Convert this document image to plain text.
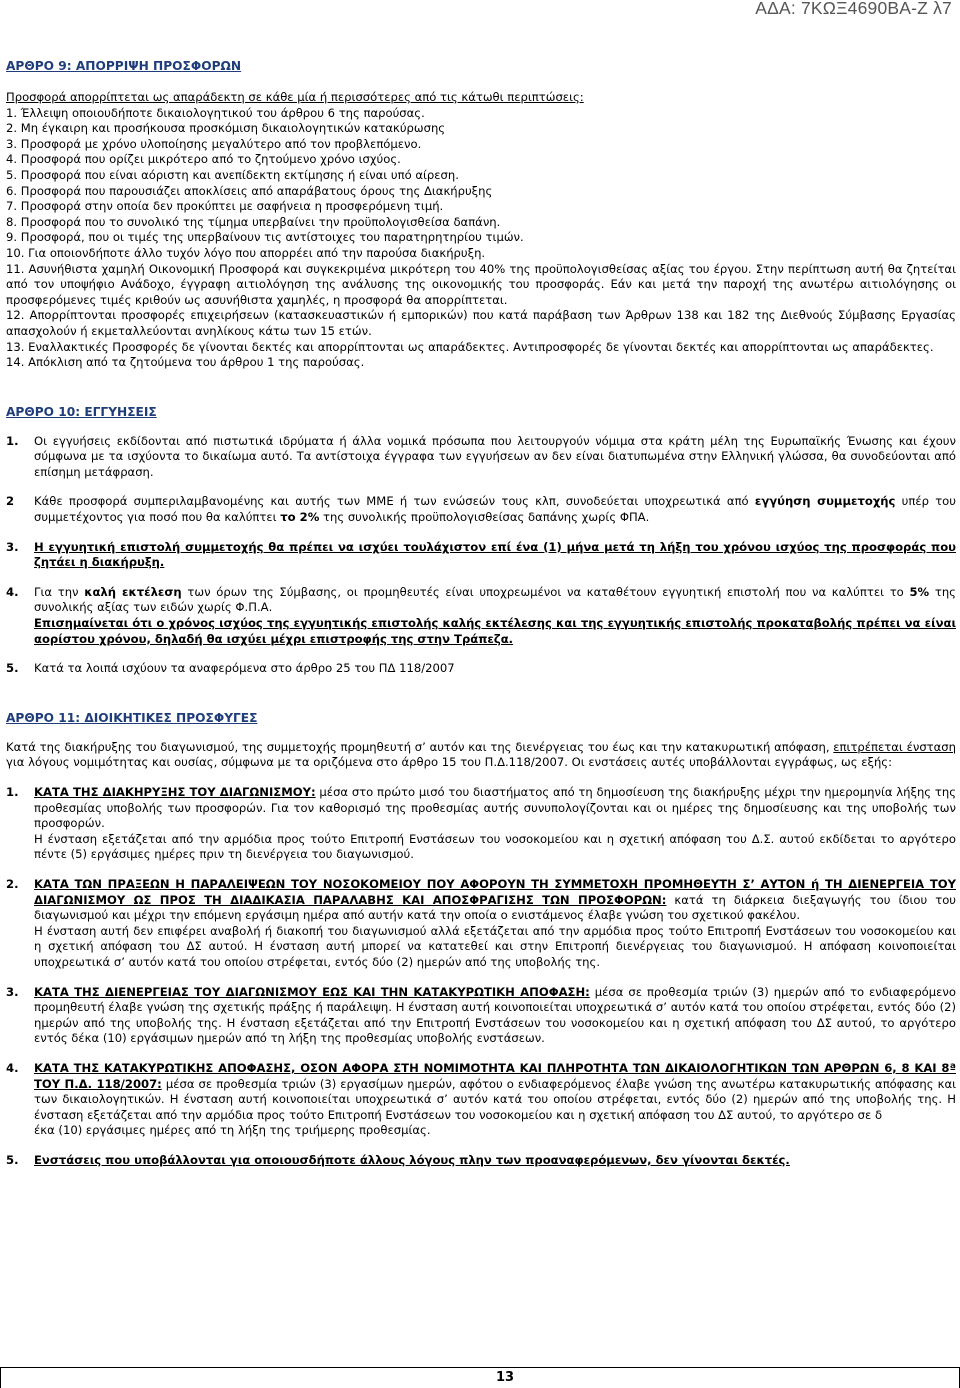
ΑΔΑ: 7ΚΩΞ4690ΒΑ-Ζ λ7
ΑΡΘΡΟ 9: ΑΠΟΡΡΙΨΗ ΠΡΟΣΦΟΡΩΝ

Προσφορά απορρίπτεται ως απαράδεκτη σε κάθε μία ή περισσότερες από τις κάτωθι περιπτώσεις:

1. Έλλειψη οποιουδήποτε δικαιολογητικού του άρθρου 6 της παρούσας.

2. Μη έγκαιρη και προσήκουσα προσκόμιση δικαιολογητικών κατακύρωσης

3. Προσφορά με χρόνο υλοποίησης μεγαλύτερο από τον προβλεπόμενο.

4. Προσφορά που ορίζει μικρότερο από το ζητούμενο χρόνο ισχύος.

5. Προσφορά που είναι αόριστη και ανεπίδεκτη εκτίμησης ή είναι υπό αίρεση.

6. Προσφορά που παρουσιάζει αποκλίσεις από απαράβατους όρους της Διακήρυξης

7. Προσφορά στην οποία δεν προκύπτει με σαφήνεια η προσφερόμενη τιμή.

8. Προσφορά που το συνολικό της τίμημα υπερβαίνει την προϋπολογισθείσα δαπάνη.

9. Προσφορά, που οι τιμές της υπερβαίνουν τις αντίστοιχες του παρατηρητηρίου τιμών.

10. Για οποιονδήποτε άλλο τυχόν λόγο που απορρέει από την παρούσα διακήρυξη.

11. Ασυνήθιστα χαμηλή Οικονομική Προσφορά και συγκεκριμένα μικρότερη του 40% της προϋπολογισθείσας αξίας του έργου. Στην περίπτωση αυτή θα ζητείται από τον υποψήφιο Ανάδοχο, έγγραφη αιτιολόγηση της ανάλυσης της οικονομικής του προσφοράς. Εάν και μετά την παροχή της ανωτέρω αιτιολόγησης οι προσφερόμενες τιμές κριθούν ως ασυνήθιστα χαμηλές, η προσφορά θα απορρίπτεται.

12. Απορρίπτονται προσφορές επιχειρήσεων (κατασκευαστικών ή εμπορικών) που κατά παράβαση των Άρθρων 138 και 182 της Διεθνούς Σύμβασης Εργασίας απασχολούν ή εκμεταλλεύονται ανηλίκους κάτω των 15 ετών.

13. Εναλλακτικές Προσφορές δε γίνονται δεκτές και απορρίπτονται ως απαράδεκτες. Αντιπροσφορές δε γίνονται δεκτές και απορρίπτονται ως απαράδεκτες.

14. Απόκλιση από τα ζητούμενα του άρθρου 1 της παρούσας.

ΑΡΘΡΟ 10: ΕΓΓΥΗΣΕΙΣ
1.	Οι εγγυήσεις εκδίδονται από πιστωτικά ιδρύματα ή άλλα νομικά πρόσωπα που λειτουργούν νόμιμα στα κράτη μέλη της Ευρωπαϊκής Ένωσης και έχουν σύμφωνα με τα ισχύοντα το δικαίωμα αυτό. Τα αντίστοιχα έγγραφα των εγγυήσεων αν δεν είναι διατυπωμένα στην Ελληνική γλώσσα, θα συνοδεύονται από επίσημη μετάφραση.
2	Κάθε προσφορά συμπεριλαμβανομένης και αυτής των ΜΜΕ ή των ενώσεών τους κλπ, συνοδεύεται υποχρεωτικά από εγγύηση συμμετοχής υπέρ του συμμετέχοντος για ποσό που θα καλύπτει το 2% της συνολικής προϋπολογισθείσας δαπάνης χωρίς ΦΠΑ.
3.	Η εγγυητική επιστολή συμμετοχής θα πρέπει να ισχύει τουλάχιστον επί ένα (1) μήνα μετά τη λήξη του χρόνου ισχύος της προσφοράς που ζητάει η διακήρυξη.
4.	Για την καλή εκτέλεση των όρων της Σύμβασης, οι προμηθευτές είναι υποχρεωμένοι να καταθέτουν εγγυητική επιστολή που να καλύπτει το 5% της συνολικής αξίας των ειδών χωρίς Φ.Π.Α.
Επισημαίνεται ότι ο χρόνος ισχύος της εγγυητικής επιστολής καλής εκτέλεσης και της εγγυητικής επιστολής προκαταβολής πρέπει να είναι αορίστου χρόνου, δηλαδή θα ισχύει μέχρι επιστροφής της στην Τράπεζα.
5.	Κατά τα λοιπά ισχύουν τα αναφερόμενα στο άρθρο 25 του ΠΔ 118/2007
ΑΡΘΡΟ 11: ΔΙΟΙΚΗΤΙΚΕΣ ΠΡΟΣΦΥΓΕΣ

Κατά της διακήρυξης του διαγωνισμού, της συμμετοχής προμηθευτή σ’ αυτόν και της διενέργειας του έως και την κατακυρωτική απόφαση, επιτρέπεται ένσταση για λόγους νομιμότητας και ουσίας, σύμφωνα με τα οριζόμενα στο άρθρο 15 του Π.Δ.118/2007. Οι ενστάσεις αυτές υποβάλλονται εγγράφως, ως εξής:

1.	ΚΑΤΑ ΤΗΣ ΔΙΑΚΗΡΥΞΗΣ ΤΟΥ ΔΙΑΓΩΝΙΣΜΟΥ: μέσα στο πρώτο μισό του διαστήματος από τη δημοσίευση της διακήρυξης μέχρι την ημερομηνία λήξης της προθεσμίας υποβολής των προσφορών. Για τον καθορισμό της προθεσμίας αυτής συνυπολογίζονται και οι ημέρες της δημοσίευσης και της υποβολής των προσφορών.
Η ένσταση εξετάζεται από την αρμόδια προς τούτο Επιτροπή Ενστάσεων του νοσοκομείου και η σχετική απόφαση του Δ.Σ. αυτού εκδίδεται το αργότερο πέντε (5) εργάσιμες ημέρες πριν τη διενέργεια του διαγωνισμού.
2.	ΚΑΤΑ ΤΩΝ ΠΡΑΞΕΩΝ Η ΠΑΡΑΛΕΙΨΕΩΝ ΤΟΥ ΝΟΣΟΚΟΜΕΙΟΥ ΠΟΥ ΑΦΟΡΟΥΝ ΤΗ ΣΥΜΜΕΤΟΧΗ ΠΡΟΜΗΘΕΥΤΗ Σ’ ΑΥΤΟΝ ή ΤΗ ΔΙΕΝΕΡΓΕΙΑ ΤΟΥ ΔΙΑΓΩΝΙΣΜΟΥ ΩΣ ΠΡΟΣ ΤΗ ΔΙΑΔΙΚΑΣΙΑ ΠΑΡΑΛΑΒΗΣ ΚΑΙ ΑΠΟΣΦΡΑΓΙΣΗΣ ΤΩΝ ΠΡΟΣΦΟΡΩΝ: κατά τη διάρκεια διεξαγωγής του ίδιου του διαγωνισμού και μέχρι την επόμενη εργάσιμη ημέρα από αυτήν κατά την οποία ο ενιστάμενος έλαβε γνώση του σχετικού φακέλου.
Η ένσταση αυτή δεν επιφέρει αναβολή ή διακοπή του διαγωνισμού αλλά εξετάζεται από την αρμόδια προς τούτο Επιτροπή Ενστάσεων του νοσοκομείου και η σχετική απόφαση του ΔΣ αυτού. Η ένσταση αυτή μπορεί να κατατεθεί και στην Επιτροπή διενέργειας του διαγωνισμού. Η απόφαση κοινοποιείται υποχρεωτικά σ’ αυτόν κατά του οποίου στρέφεται, εντός δύο (2) ημερών από της υποβολής της.
3.	ΚΑΤΑ ΤΗΣ ΔΙΕΝΕΡΓΕΙΑΣ ΤΟΥ ΔΙΑΓΩΝΙΣΜΟΥ ΕΩΣ ΚΑΙ ΤΗΝ ΚΑΤΑΚΥΡΩΤΙΚΗ ΑΠΟΦΑΣΗ: μέσα σε προθεσμία τριών (3) ημερών από το ενδιαφερόμενο προμηθευτή έλαβε γνώση της σχετικής πράξης ή παράλειψη. Η ένσταση αυτή κοινοποιείται υποχρεωτικά σ’ αυτόν κατά του οποίου στρέφεται, εντός δύο (2) ημερών από της υποβολής της. Η ένσταση εξετάζεται από την Επιτροπή Ενστάσεων του νοσοκομείου και η σχετική απόφαση του ΔΣ αυτού, το αργότερο εντός δέκα (10) εργάσιμων ημερών από τη λήξη της προθεσμίας υποβολής ενστάσεων.
4.	ΚΑΤΑ ΤΗΣ ΚΑΤΑΚΥΡΩΤΙΚΗΣ ΑΠΟΦΑΣΗΣ, ΟΣΟΝ ΑΦΟΡΑ ΣΤΗ ΝΟΜΙΜΟΤΗΤΑ ΚΑΙ ΠΛΗΡΟΤΗΤΑ ΤΩΝ ΔΙΚΑΙΟΛΟΓΗΤΙΚΩΝ ΤΩΝ ΑΡΘΡΩΝ 6, 8 ΚΑΙ 8ª ΤΟΥ Π.Δ. 118/2007: μέσα σε προθεσμία τριών (3) εργασίμων ημερών, αφότου ο ενδιαφερόμενος έλαβε γνώση της ανωτέρω κατακυρωτικής απόφασης και των δικαιολογητικών. Η ένσταση αυτή κοινοποιείται υποχρεωτικά σ’ αυτόν κατά του οποίου στρέφεται, εντός δύο (2) ημερών από της υποβολής της. Η ένσταση εξετάζεται από την αρμόδια προς τούτο Επιτροπή Ενστάσεων του νοσοκομείου και η σχετική απόφαση του ΔΣ αυτού, το αργότερο σε δ
έκα (10) εργάσιμες ημέρες από τη λήξη της τριήμερης προθεσμίας.
5.	Ενστάσεις που υποβάλλονται για οποιουσδήποτε άλλους λόγους πλην των προαναφερόμενων, δεν γίνονται δεκτές.
13
